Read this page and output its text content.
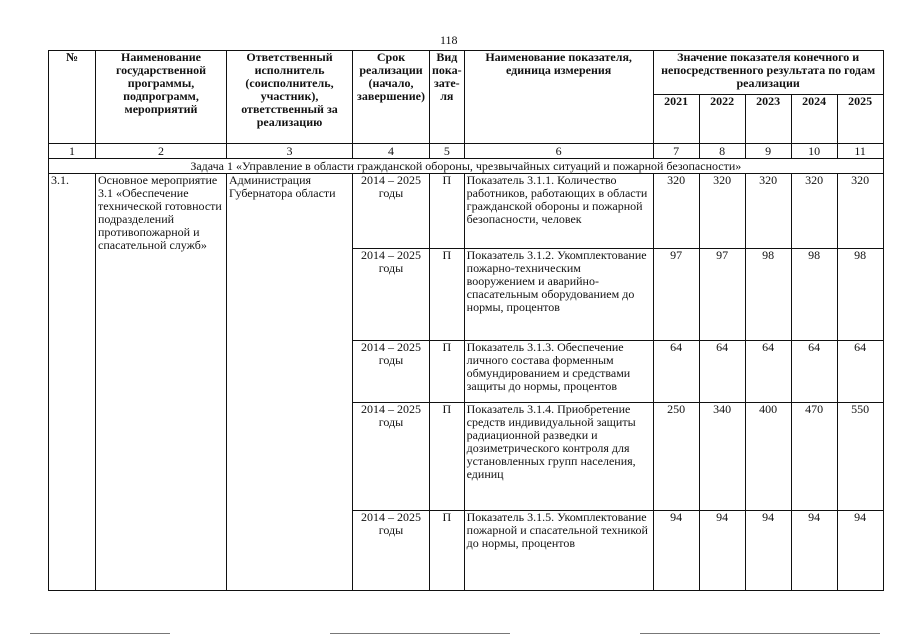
118
№	Наименование государственной программы, подпрограмм, мероприятий	Ответственный исполнитель (соисполнитель, участник), ответственный за реализацию	Срок реализации (начало, завершение)	Вид пока- зате- ля	Наименование показателя, единица измерения	Значение показателя конечного и непосредственного результата по годам реализации				
						2021	2022	2023	2024	2025
1	2	3	4	5	6	7	8	9	10	11
Задача 1 «Управление в области гражданской обороны, чрезвычайных ситуаций и пожарной безопасности»										
3.1.	Основное мероприятие 3.1 «Обеспечение технической готовности подразделений противопожарной и спасательной служб»	Администрация Губернатора области	2014 – 2025 годы	П	Показатель 3.1.1. Количество работников, работающих в области гражданской обороны и пожарной безопасности, человек	320	320	320	320	320
			2014 – 2025 годы	П	Показатель 3.1.2. Укомплектование пожарно-техническим вооружением и аварийно-спасательным оборудованием до нормы, процентов	97	97	98	98	98
			2014 – 2025 годы	П	Показатель 3.1.3. Обеспечение личного состава форменным обмундированием и средствами защиты до нормы, процентов	64	64	64	64	64
			2014 – 2025 годы	П	Показатель 3.1.4. Приобретение средств индивидуальной защиты радиационной разведки и дозиметрического контроля для установленных групп населения, единиц	250	340	400	470	550
			2014 – 2025 годы	П	Показатель 3.1.5. Укомплектование пожарной и спасательной техникой до нормы, процентов	94	94	94	94	94
